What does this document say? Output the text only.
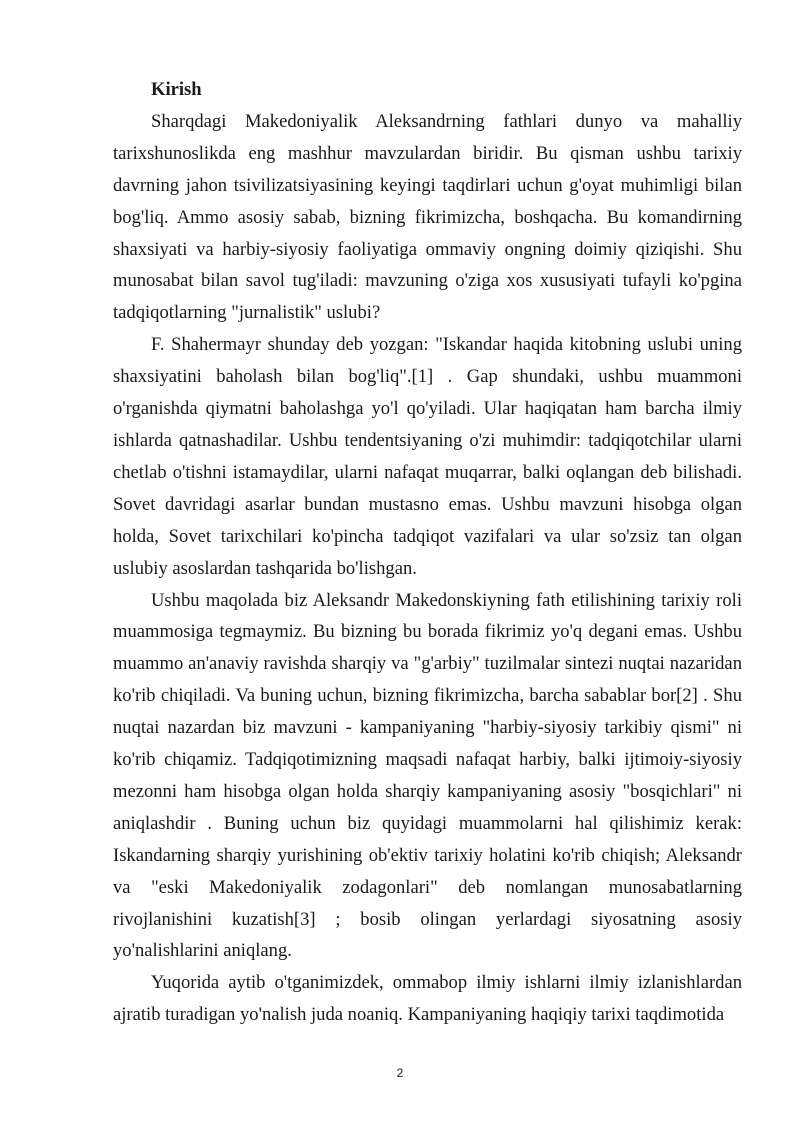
Kirish

Sharqdagi Makedoniyalik Aleksandrning fathlari dunyo va mahalliy tarixshunoslikda eng mashhur mavzulardan biridir. Bu qisman ushbu tarixiy davrning jahon tsivilizatsiyasining keyingi taqdirlari uchun g'oyat muhimligi bilan bog'liq. Ammo asosiy sabab, bizning fikrimizcha, boshqacha. Bu komandirning shaxsiyati va harbiy-siyosiy faoliyatiga ommaviy ongning doimiy qiziqishi. Shu munosabat bilan savol tug'iladi: mavzuning o'ziga xos xususiyati tufayli ko'pgina tadqiqotlarning "jurnalistik" uslubi?

F. Shahermayr shunday deb yozgan: "Iskandar haqida kitobning uslubi uning shaxsiyatini baholash bilan bog'liq".[1] . Gap shundaki, ushbu muammoni o'rganishda qiymatni baholashga yo'l qo'yiladi. Ular haqiqatan ham barcha ilmiy ishlarda qatnashadilar. Ushbu tendentsiyaning o'zi muhimdir: tadqiqotchilar ularni chetlab o'tishni istamaydilar, ularni nafaqat muqarrar, balki oqlangan deb bilishadi. Sovet davridagi asarlar bundan mustasno emas. Ushbu mavzuni hisobga olgan holda, Sovet tarixchilari ko'pincha tadqiqot vazifalari va ular so'zsiz tan olgan uslubiy asoslardan tashqarida bo'lishgan.

Ushbu maqolada biz Aleksandr Makedonskiyning fath etilishining tarixiy roli muammosiga tegmaymiz. Bu bizning bu borada fikrimiz yo'q degani emas. Ushbu muammo an'anaviy ravishda sharqiy va "g'arbiy" tuzilmalar sintezi nuqtai nazaridan ko'rib chiqiladi. Va buning uchun, bizning fikrimizcha, barcha sabablar bor[2] . Shu nuqtai nazardan biz mavzuni - kampaniyaning "harbiy-siyosiy tarkibiy qismi" ni ko'rib chiqamiz. Tadqiqotimizning maqsadi nafaqat harbiy, balki ijtimoiy-siyosiy mezonni ham hisobga olgan holda sharqiy kampaniyaning asosiy "bosqichlari" ni aniqlashdir . Buning uchun biz quyidagi muammolarni hal qilishimiz kerak: Iskandarning sharqiy yurishining ob'ektiv tarixiy holatini ko'rib chiqish; Aleksandr va "eski Makedoniyalik zodagonlari" deb nomlangan munosabatlarning rivojlanishini kuzatish[3] ; bosib olingan yerlardagi siyosatning asosiy yo'nalishlarini aniqlang.

Yuqorida aytib o'tganimizdek, ommabop ilmiy ishlarni ilmiy izlanishlardan ajratib turadigan yo'nalish juda noaniq. Kampaniyaning haqiqiy tarixi taqdimotida

2
